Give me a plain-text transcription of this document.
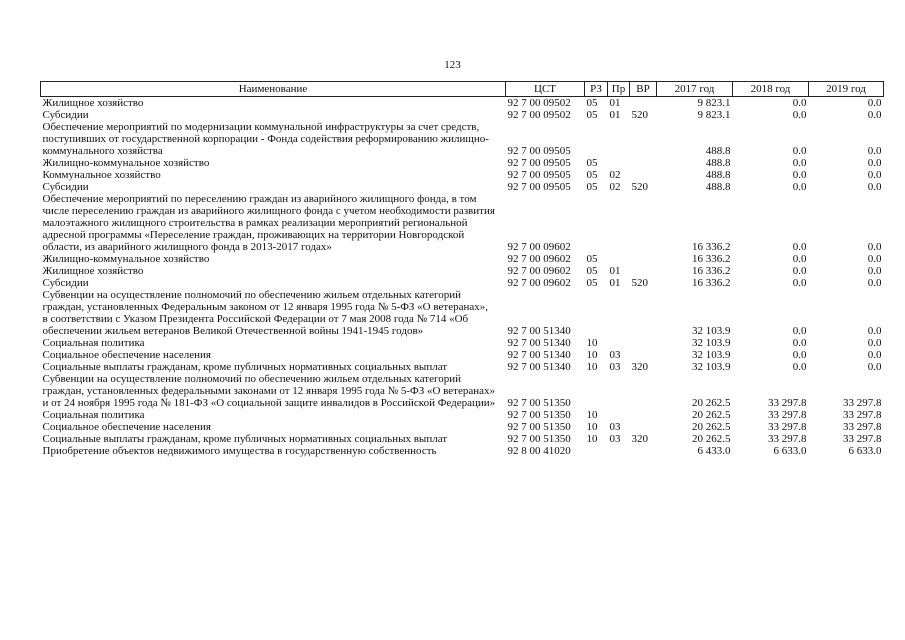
123
Наименование	ЦСТ	РЗ	Пр	ВР	2017 год	2018 год	2019 год

Жилищное хозяйство	92 7 00 09502	05	01		9 823.1	0.0	0.0

Субсидии	92 7 00 09502	05	01	520	9 823.1	0.0	0.0

Обеспечение мероприятий по модернизации коммунальной инфраструктуры за счет средств, поступивших от государственной корпорации - Фонда содействия реформированию жилищно-коммунального хозяйства	92 7 00 09505				488.8	0.0	0.0

Жилищно-коммунальное хозяйство	92 7 00 09505	05			488.8	0.0	0.0

Коммунальное хозяйство	92 7 00 09505	05	02		488.8	0.0	0.0

Субсидии	92 7 00 09505	05	02	520	488.8	0.0	0.0

Обеспечение мероприятий по переселению граждан из аварийного жилищного фонда, в том числе переселению граждан из аварийного жилищного фонда с учетом необходимости развития малоэтажного жилищного строительства в рамках реализации мероприятий региональной адресной программы «Переселение граждан, проживающих на территории Новгородской области, из аварийного жилищного фонда в 2013-2017 годах»	92 7 00 09602				16 336.2	0.0	0.0

Жилищно-коммунальное хозяйство	92 7 00 09602	05			16 336.2	0.0	0.0

Жилищное хозяйство	92 7 00 09602	05	01		16 336.2	0.0	0.0

Субсидии	92 7 00 09602	05	01	520	16 336.2	0.0	0.0

Субвенции на осуществление полномочий по обеспечению жильем отдельных категорий граждан, установленных Федеральным законом от 12 января 1995 года № 5-ФЗ «О ветеранах», в соответствии с Указом Президента Российской Федерации от 7 мая 2008 года № 714 «Об обеспечении жильем ветеранов Великой Отечественной войны 1941-1945 годов»	92 7 00 51340				32 103.9	0.0	0.0

Социальная политика	92 7 00 51340	10			32 103.9	0.0	0.0

Социальное обеспечение населения	92 7 00 51340	10	03		32 103.9	0.0	0.0

Социальные выплаты гражданам, кроме публичных нормативных социальных выплат	92 7 00 51340	10	03	320	32 103.9	0.0	0.0

Субвенции на осуществление полномочий по обеспечению жильем отдельных категорий граждан, установленных федеральными законами от 12 января 1995 года № 5-ФЗ «О ветеранах» и от 24 ноября 1995 года № 181-ФЗ «О социальной защите инвалидов в Российской Федерации»	92 7 00 51350				20 262.5	33 297.8	33 297.8

Социальная политика	92 7 00 51350	10			20 262.5	33 297.8	33 297.8

Социальное обеспечение населения	92 7 00 51350	10	03		20 262.5	33 297.8	33 297.8

Социальные выплаты гражданам, кроме публичных нормативных социальных выплат	92 7 00 51350	10	03	320	20 262.5	33 297.8	33 297.8

Приобретение объектов недвижимого имущества в государственную собственность	92 8 00 41020				6 433.0	6 633.0	6 633.0
